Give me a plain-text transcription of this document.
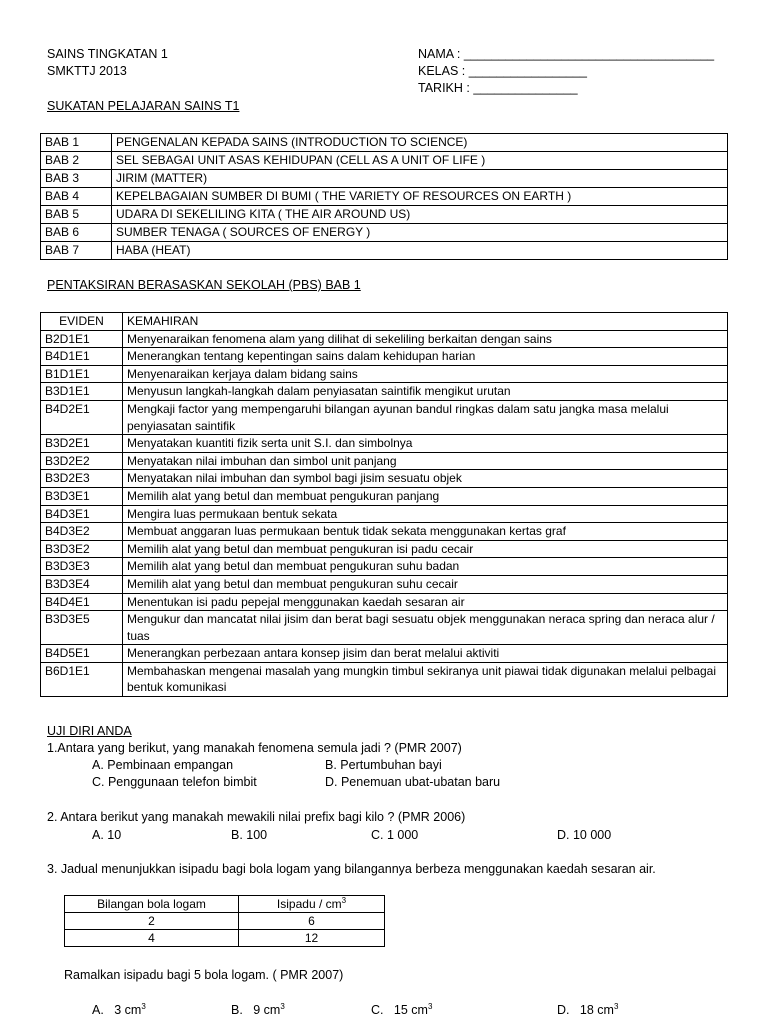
SAINS TINGKATAN 1
SMKTTJ 2013
NAMA : ____________________________________
KELAS : _________________
TARIKH : _______________
SUKATAN PELAJARAN SAINS T1
BAB 1	PENGENALAN KEPADA SAINS (INTRODUCTION TO SCIENCE)
BAB 2	SEL SEBAGAI UNIT ASAS KEHIDUPAN (CELL AS A UNIT OF LIFE )
BAB 3	JIRIM (MATTER)
BAB 4	KEPELBAGAIAN SUMBER DI BUMI ( THE VARIETY OF RESOURCES ON EARTH )
BAB 5	UDARA DI SEKELILING KITA ( THE AIR AROUND US)
BAB 6	SUMBER TENAGA ( SOURCES OF ENERGY )
BAB 7	HABA (HEAT)
PENTAKSIRAN BERASASKAN SEKOLAH (PBS) BAB 1
EVIDEN	KEMAHIRAN
B2D1E1	Menyenaraikan fenomena alam yang dilihat di sekeliling berkaitan dengan sains
B4D1E1	Menerangkan tentang kepentingan sains dalam kehidupan harian
B1D1E1	Menyenaraikan kerjaya dalam bidang sains
B3D1E1	Menyusun langkah-langkah dalam penyiasatan saintifik mengikut urutan
B4D2E1	Mengkaji factor yang mempengaruhi bilangan ayunan bandul ringkas dalam satu jangka masa melalui penyiasatan saintifik
B3D2E1	Menyatakan kuantiti fizik serta unit S.I. dan simbolnya
B3D2E2	Menyatakan nilai imbuhan dan simbol unit panjang
B3D2E3	Menyatakan nilai imbuhan dan symbol bagi jisim sesuatu objek
B3D3E1	Memilih alat yang betul dan membuat pengukuran panjang
B4D3E1	Mengira luas permukaan bentuk sekata
B4D3E2	Membuat anggaran luas permukaan bentuk tidak sekata menggunakan kertas graf
B3D3E2	Memilih alat yang betul dan membuat pengukuran isi padu cecair
B3D3E3	Memilih alat yang betul dan membuat pengukuran suhu badan
B3D3E4	Memilih alat yang betul dan membuat pengukuran suhu cecair
B4D4E1	Menentukan isi padu pepejal menggunakan kaedah sesaran air
B3D3E5	Mengukur dan mancatat nilai jisim dan berat bagi sesuatu objek menggunakan neraca spring dan neraca alur / tuas
B4D5E1	Menerangkan perbezaan antara konsep jisim dan berat melalui aktiviti
B6D1E1	Membahaskan mengenai masalah yang mungkin timbul sekiranya unit piawai tidak digunakan melalui pelbagai bentuk komunikasi
UJI DIRI ANDA
1.Antara yang berikut, yang manakah fenomena semula jadi ? (PMR 2007)
A. Pembinaan empangan	B. Pertumbuhan bayi
C. Penggunaan telefon bimbit	D. Penemuan ubat-ubatan baru
2. Antara berikut yang manakah mewakili nilai prefix bagi kilo ? (PMR 2006)
A. 10	B. 100	C. 1 000	D. 10 000
3. Jadual menunjukkan isipadu bagi bola logam yang bilangannya berbeza menggunakan kaedah sesaran air.
Bilangan bola logam	Isipadu / $cm^3$
2	6
4	12
Ramalkan isipadu bagi 5 bola logam. ( PMR 2007)
A. 3 $cm^3$	B. 9 $cm^3$	C. 15 $cm^3$	D. 18 $cm^3$
